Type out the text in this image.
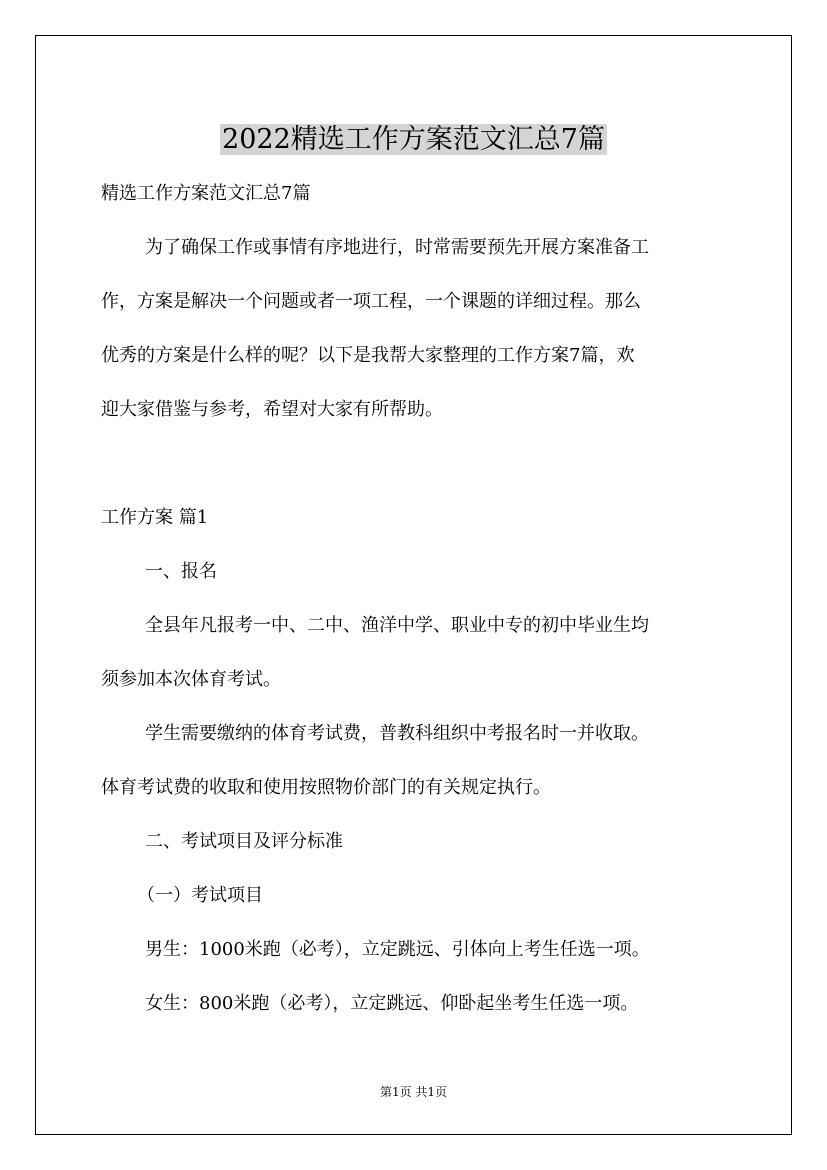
2022精选工作方案范文汇总7篇

精选工作方案范文汇总7篇

为了确保工作或事情有序地进行，时常需要预先开展方案准备工

作，方案是解决一个问题或者一项工程，一个课题的详细过程。那么

优秀的方案是什么样的呢？以下是我帮大家整理的工作方案7篇，欢

迎大家借鉴与参考，希望对大家有所帮助。

工作方案 篇1

一、报名

全县年凡报考一中、二中、渔洋中学、职业中专的初中毕业生均

须参加本次体育考试。

学生需要缴纳的体育考试费，普教科组织中考报名时一并收取。

体育考试费的收取和使用按照物价部门的有关规定执行。

二、考试项目及评分标准

（一）考试项目

男生：1000米跑（必考），立定跳远、引体向上考生任选一项。

女生：800米跑（必考），立定跳远、仰卧起坐考生任选一项。

第1页 共1页
